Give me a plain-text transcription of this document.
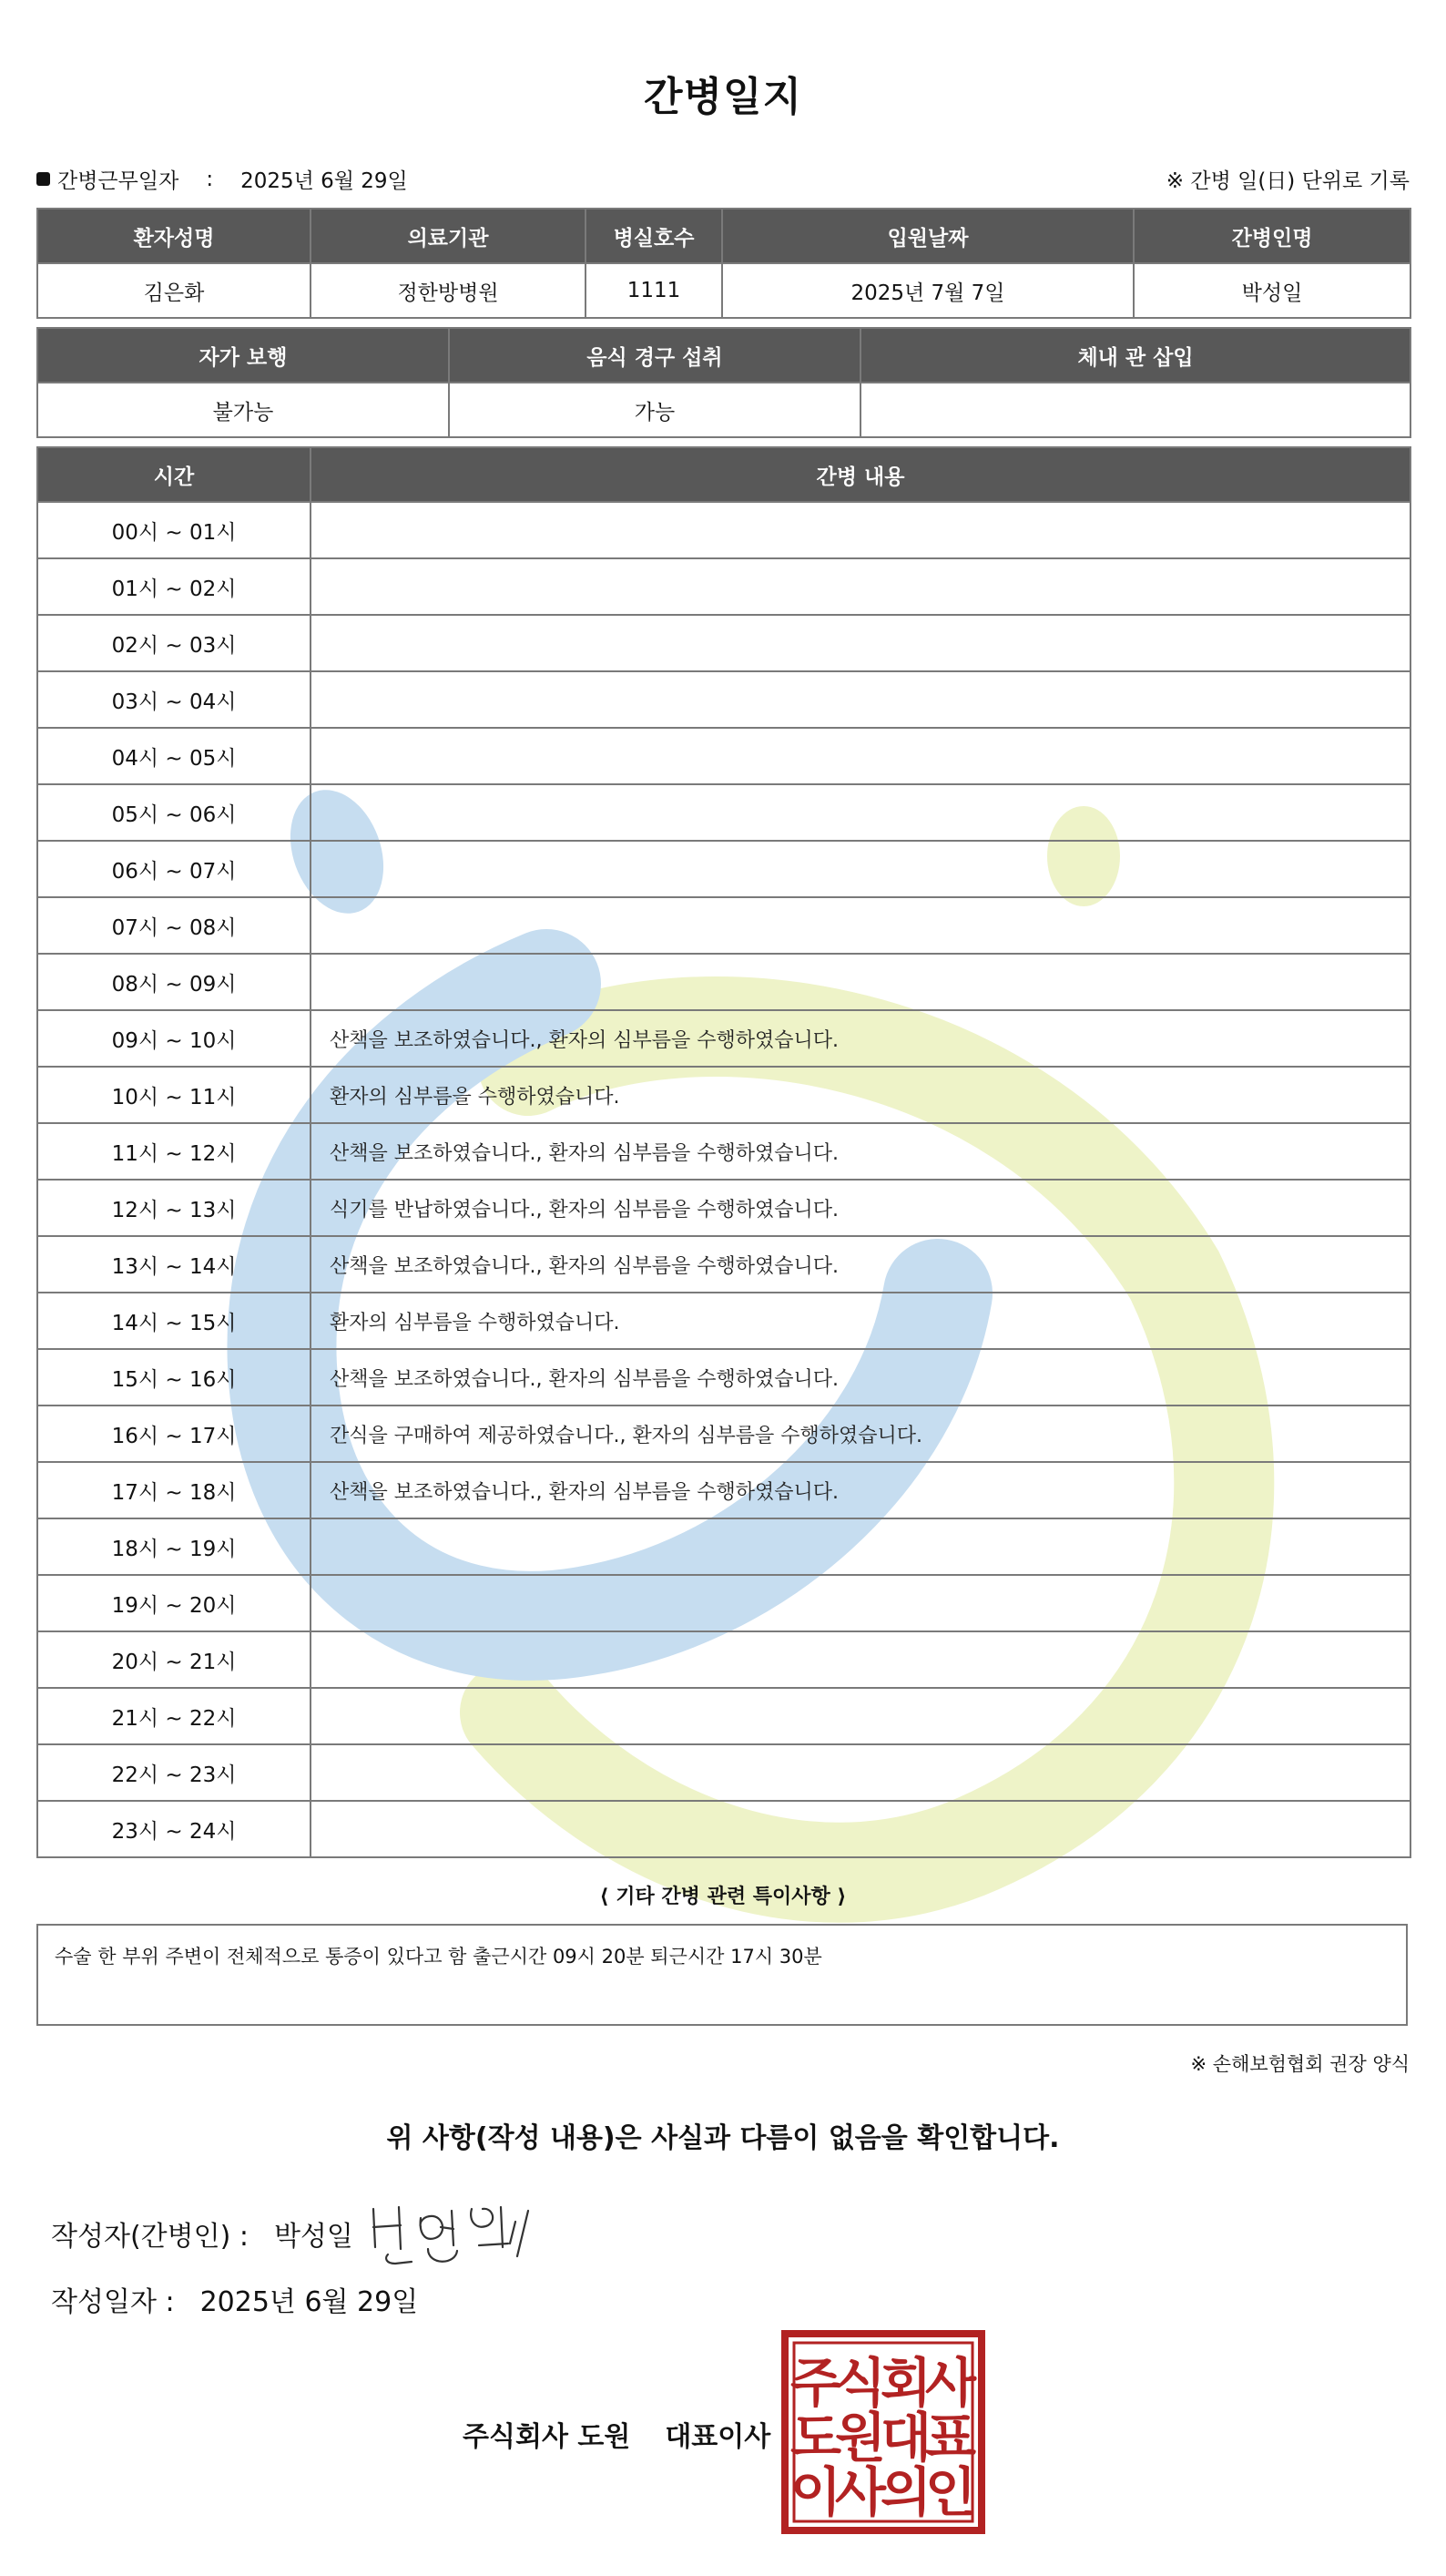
간병일지
간병근무일자 : 2025년 6월 29일	※ 간병 일(日) 단위로 기록
환자성명	의료기관	병실호수	입원날짜	간병인명
김은화	정한방병원	1111	2025년 7월 7일	박성일
자가 보행	음식 경구 섭취	체내 관 삽입
불가능	가능	
시간	간병 내용
00시 ~ 01시	
01시 ~ 02시	
02시 ~ 03시	
03시 ~ 04시	
04시 ~ 05시	
05시 ~ 06시	
06시 ~ 07시	
07시 ~ 08시	
08시 ~ 09시	
09시 ~ 10시	산책을 보조하였습니다., 환자의 심부름을 수행하였습니다.
10시 ~ 11시	환자의 심부름을 수행하였습니다.
11시 ~ 12시	산책을 보조하였습니다., 환자의 심부름을 수행하였습니다.
12시 ~ 13시	식기를 반납하였습니다., 환자의 심부름을 수행하였습니다.
13시 ~ 14시	산책을 보조하였습니다., 환자의 심부름을 수행하였습니다.
14시 ~ 15시	환자의 심부름을 수행하였습니다.
15시 ~ 16시	산책을 보조하였습니다., 환자의 심부름을 수행하였습니다.
16시 ~ 17시	간식을 구매하여 제공하였습니다., 환자의 심부름을 수행하였습니다.
17시 ~ 18시	산책을 보조하였습니다., 환자의 심부름을 수행하였습니다.
18시 ~ 19시	
19시 ~ 20시	
20시 ~ 21시	
21시 ~ 22시	
22시 ~ 23시	
23시 ~ 24시	
⟨ 기타 간병 관련 특이사항 ⟩
수술 한 부위 주변이 전체적으로 통증이 있다고 함 출근시간 09시 20분 퇴근시간 17시 30분
※ 손해보험협회 권장 양식
위 사항(작성 내용)은 사실과 다름이 없음을 확인합니다.
작성자(간병인) : 박성일
작성일자 : 2025년 6월 29일
주식회사 도원 대표이사
주
식
회
사
도
원
대
표
이
사
의
인
